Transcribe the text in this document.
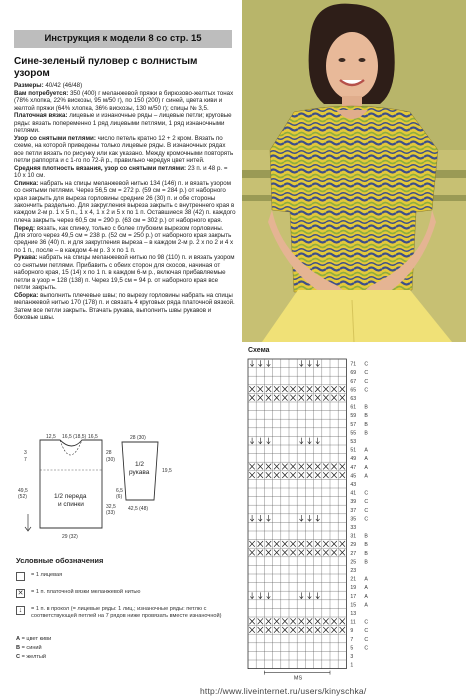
Инструкция к модели 8 со стр. 15
Сине-зеленый пуловер с волнистым узором

Размеры: 40/42 (46/48)

Вам потребуется: 350 (400) г меланжевой пряжи в бирюзово-желтых тонах (78% хлопка, 22% вискозы, 95 м/50 г), по 150 (200) г синей, цвета киви и желтой пряжи (64% хлопка, 36% вискозы, 130 м/50 г); спицы № 3,5.

Платочная вязка: лицевые и изнаночные ряды – лицевые петли; круговые ряды: вязать попеременно 1 ряд лицевыми петлями, 1 ряд изнаночными петлями.

Узор со снятыми петлями: число петель кратно 12 + 2 кром. Вязать по схеме, на которой приведены только лицевые ряды. В изнаночных рядах все петли вязать по рисунку или как указано. Между кромочными повторять петли раппорта и с 1-го по 72-й р., правильно чередуя цвет нитей.

Средняя плотность вязания, узор со снятыми петлями: 23 п. и 48 р. = 10 х 10 см.

Спинка: набрать на спицы меланжевой нитью 134 (146) п. и вязать узором со снятыми петлями. Через 56,5 см = 272 р. (59 см = 284 р.) от наборного края закрыть для выреза горловины средние 26 (30) п. и обе стороны закончить раздельно. Для закругления выреза закрыть с внутреннего края в каждом 2-м р. 1 х 5 п., 1 х 4, 1 х 2 и 5 х по 1 п. Оставшиеся 38 (42) п. каждого плеча закрыть через 60,5 см = 290 р. (63 см = 302 р.) от наборного края.

Перед: вязать, как спинку, только с более глубоким вырезом горловины. Для этого через 49,5 см = 238 р. (52 см = 250 р.) от наборного края закрыть средние 36 (40) п. и для закругления выреза – в каждом 2-м р. 2 х по 2 и 4 х по 1 п., после – в каждом 4-м р. 3 х по 1 п.

Рукава: набрать на спицы меланжевой нитью по 98 (110) п. и вязать узором со снятыми петлями. Прибавить с обеих сторон для скосов, начиная от наборного края, 15 (14) х по 1 п. в каждом 6-м р., включая прибавляемые петли в узор = 128 (138) п. Через 19,5 см = 94 р. от наборного края все петли закрыть.

Сборка: выполнить плечевые швы; по вырезу горловины набрать на спицы меланжевой нитью 170 (178) п. и связать 4 круговых ряда платочной вязкой. Затем все петли закрыть. Втачать рукава, выполнить швы рукавов и боковые швы.

3
7
12,5 16,5 (18,5) 16,5
28
(30)
49,5
(52)
32,5
(33)
29 (32)
1/2 переда
и спинки
28 (30)
19,5
6,5
(6)
42,5 (48)
1/2
рукава
Условные обозначения
= 1 лицевая
✕ = 1 п. платочной вязки меланжевой нитью
↓	= 1 п. в прокол (= лицевые ряды: 1 лиц.; изнаночные ряды: петлю с соответствующей петлей на 7 рядов ниже провязать вместе изнаночной)
A = цвет киви
B = синий
C = желтый
Схема
71 C
69 C
67 C
65 C
63
61 B
59 B
57 B
55 B
53
51 A
49 A
47 A
45 A
43
41 C
39 C
37 C
35 C
33
31 B
29 B
27 B
25 B
23
21 A
19 A
17 A
15 A
13
11 C
9 C
7 C
5 C
3
1
MS
http://www.liveinternet.ru/users/kinyschka/
